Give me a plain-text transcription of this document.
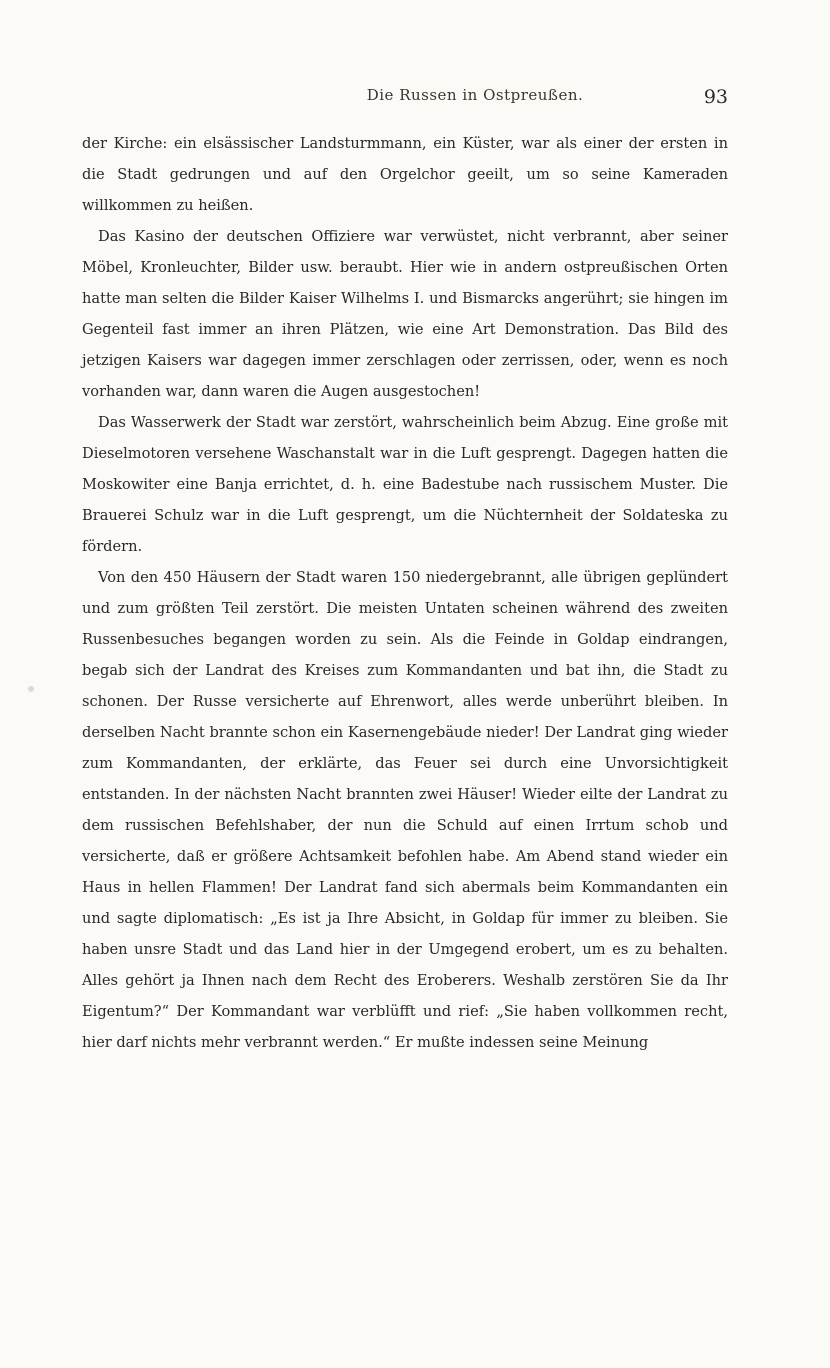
Die Russen in Ostpreußen.	93

der Kirche: ein elsässischer Landsturmmann, ein Küster, war als einer der ersten in die Stadt gedrungen und auf den Orgelchor geeilt, um so seine Kameraden willkommen zu heißen.

Das Kasino der deutschen Offiziere war verwüstet, nicht verbrannt, aber seiner Möbel, Kronleuchter, Bilder usw. beraubt. Hier wie in andern ostpreußischen Orten hatte man selten die Bilder Kaiser Wilhelms I. und Bismarcks angerührt; sie hingen im Gegenteil fast immer an ihren Plätzen, wie eine Art Demonstration. Das Bild des jetzigen Kaisers war dagegen immer zerschlagen oder zerrissen, oder, wenn es noch vorhanden war, dann waren die Augen ausgestochen!

Das Wasserwerk der Stadt war zerstört, wahrscheinlich beim Abzug. Eine große mit Dieselmotoren versehene Waschanstalt war in die Luft gesprengt. Dagegen hatten die Moskowiter eine Banja errichtet, d. h. eine Badestube nach russischem Muster. Die Brauerei Schulz war in die Luft gesprengt, um die Nüchternheit der Soldateska zu fördern.

Von den 450 Häusern der Stadt waren 150 niedergebrannt, alle übrigen geplündert und zum größten Teil zerstört. Die meisten Untaten scheinen während des zweiten Russenbesuches begangen worden zu sein. Als die Feinde in Goldap eindrangen, begab sich der Landrat des Kreises zum Kommandanten und bat ihn, die Stadt zu schonen. Der Russe versicherte auf Ehrenwort, alles werde unberührt bleiben. In derselben Nacht brannte schon ein Kasernengebäude nieder! Der Landrat ging wieder zum Kommandanten, der erklärte, das Feuer sei durch eine Unvorsichtigkeit entstanden. In der nächsten Nacht brannten zwei Häuser! Wieder eilte der Landrat zu dem russischen Befehlshaber, der nun die Schuld auf einen Irrtum schob und versicherte, daß er größere Achtsamkeit befohlen habe. Am Abend stand wieder ein Haus in hellen Flammen! Der Landrat fand sich abermals beim Kommandanten ein und sagte diplomatisch: „Es ist ja Ihre Absicht, in Goldap für immer zu bleiben. Sie haben unsre Stadt und das Land hier in der Umgegend erobert, um es zu behalten. Alles gehört ja Ihnen nach dem Recht des Eroberers. Weshalb zerstören Sie da Ihr Eigentum?“ Der Kommandant war verblüfft und rief: „Sie haben vollkommen recht, hier darf nichts mehr verbrannt werden.“ Er mußte indessen seine Meinung
